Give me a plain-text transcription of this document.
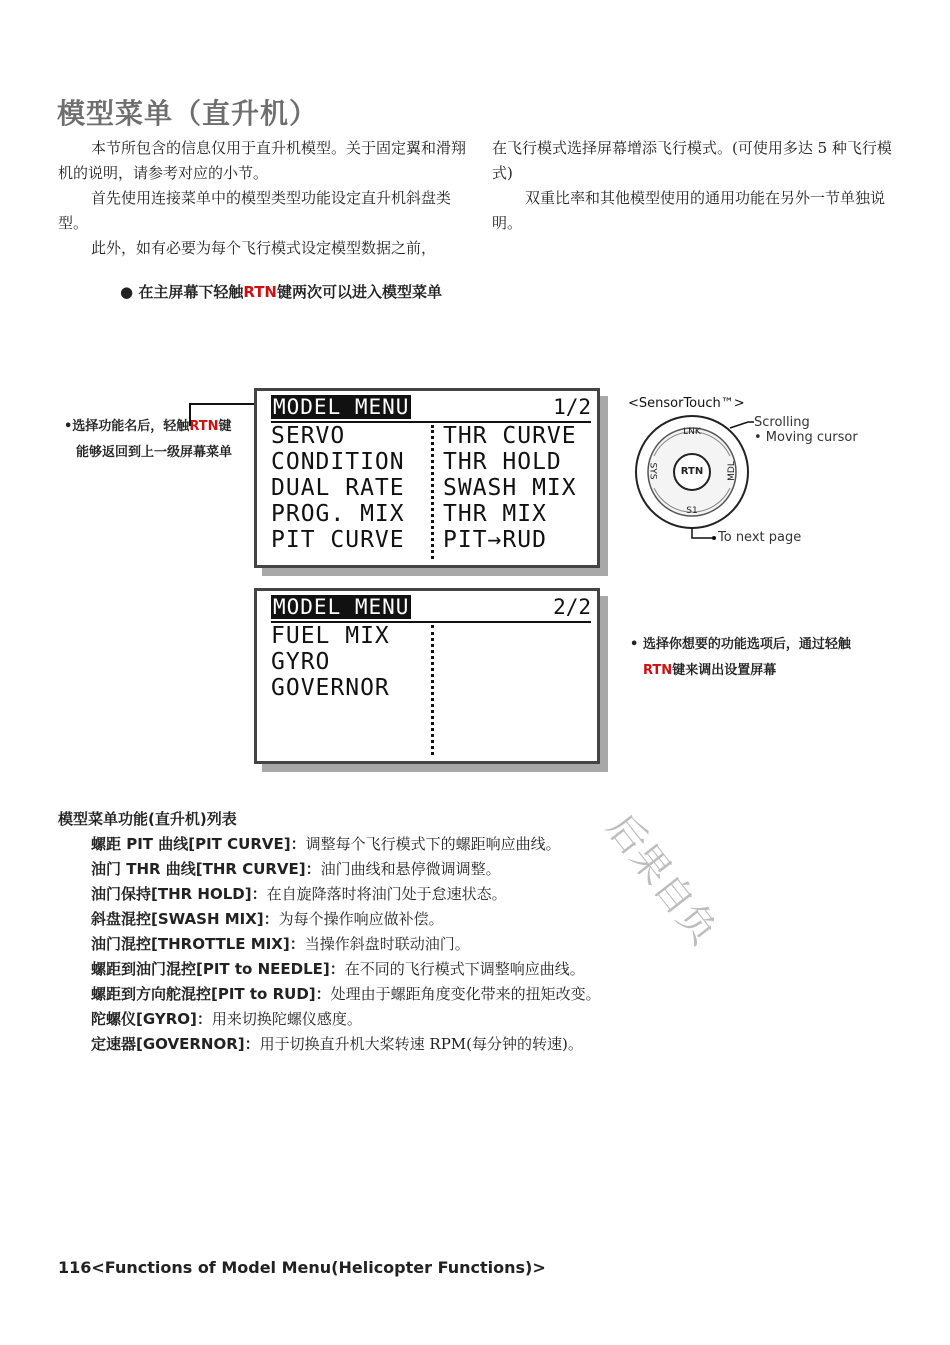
模型菜单（直升机）

本节所包含的信息仅用于直升机模型。关于固定翼和滑翔机的说明，请参考对应的小节。

首先使用连接菜单中的模型类型功能设定直升机斜盘类型。

此外，如有必要为每个飞行模式设定模型数据之前，

在飞行模式选择屏幕增添飞行模式。(可使用多达 5 种飞行模式)

双重比率和其他模型使用的通用功能在另外一节单独说明。

● 在主屏幕下轻触RTN键两次可以进入模型菜单
•选择功能名后，轻触RTN键
能够返回到上一级屏幕菜单
MODEL MENU	1/2
SERVO
CONDITION
DUAL RATE
PROG. MIX
PIT CURVE
THR CURVE
THR HOLD
SWASH MIX
THR MIX
PIT→RUD
MODEL MENU	2/2
FUEL MIX
GYRO
GOVERNOR
<SensorTouch™>
RTN
LNK
SYS	MDL
S1
Scrolling
• Moving cursor
To next page
• 选择你想要的功能选项后，通过轻触
RTN键来调出设置屏幕
后果自负
模型菜单功能(直升机)列表
螺距 PIT 曲线[PIT CURVE]：调整每个飞行模式下的螺距响应曲线。
油门 THR 曲线[THR CURVE]：油门曲线和悬停微调调整。
油门保持[THR HOLD]：在自旋降落时将油门处于怠速状态。
斜盘混控[SWASH MIX]：为每个操作响应做补偿。
油门混控[THROTTLE MIX]：当操作斜盘时联动油门。
螺距到油门混控[PIT to NEEDLE]：在不同的飞行模式下调整响应曲线。
螺距到方向舵混控[PIT to RUD]：处理由于螺距角度变化带来的扭矩改变。
陀螺仪[GYRO]：用来切换陀螺仪感度。
定速器[GOVERNOR]：用于切换直升机大桨转速 RPM(每分钟的转速)。
116<Functions of Model Menu(Helicopter Functions)>
